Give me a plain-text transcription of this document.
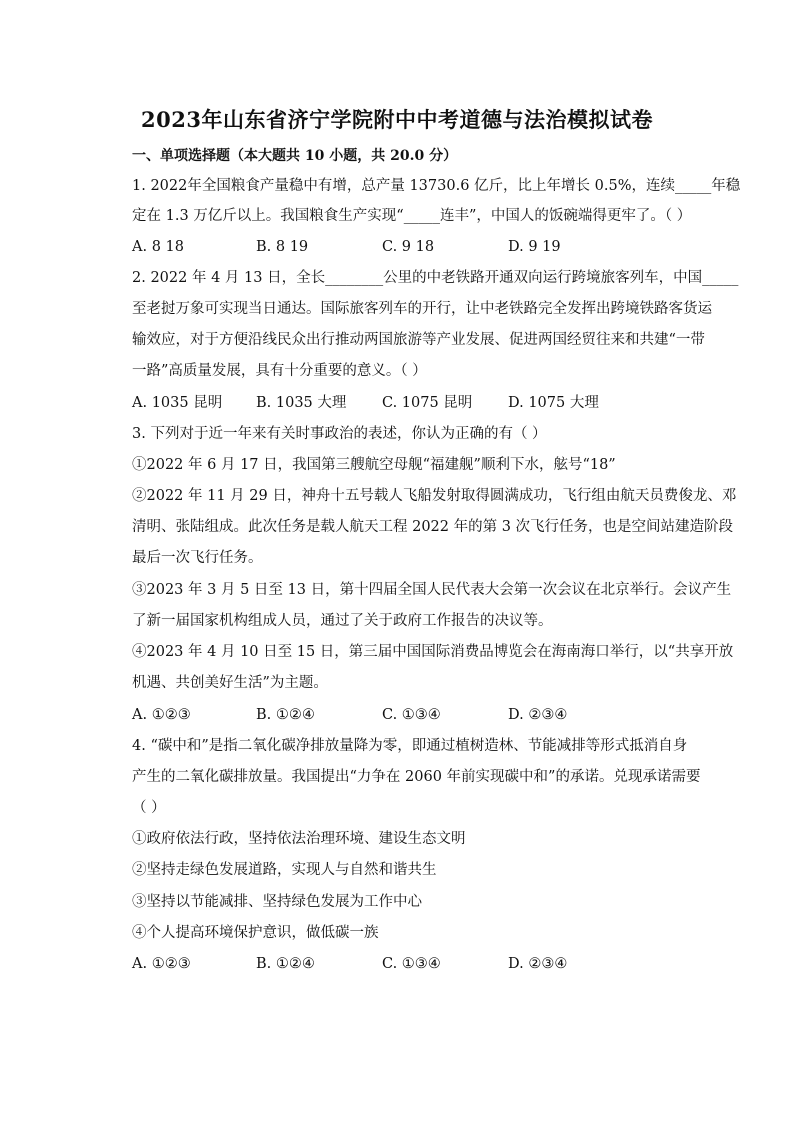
2023年山东省济宁学院附中中考道德与法治模拟试卷
一、单项选择题（本大题共 10 小题，共 20.0 分）
1. 2022年全国粮食产量稳中有增，总产量 13730.6 亿斤，比上年增长 0.5%，连续_____年稳
定在 1.3 万亿斤以上。我国粮食生产实现“_____连丰”，中国人的饭碗端得更牢了。（ ）
A. 8 18	B. 8 19	C. 9 18	D. 9 19
2. 2022 年 4 月 13 日，全长________公里的中老铁路开通双向运行跨境旅客列车，中国_____
至老挝万象可实现当日通达。国际旅客列车的开行，让中老铁路完全发挥出跨境铁路客货运
输效应，对于方便沿线民众出行推动两国旅游等产业发展、促进两国经贸往来和共建“一带
一路”高质量发展，具有十分重要的意义。（ ）
A. 1035 昆明 B. 1035 大理 C. 1075 昆明 D. 1075 大理
3. 下列对于近一年来有关时事政治的表述，你认为正确的有（ ）
①2022 年 6 月 17 日，我国第三艘航空母舰“福建舰”顺利下水，舷号“18”
②2022 年 11 月 29 日，神舟十五号载人飞船发射取得圆满成功，飞行组由航天员费俊龙、邓
清明、张陆组成。此次任务是载人航天工程 2022 年的第 3 次飞行任务，也是空间站建造阶段
最后一次飞行任务。
③2023 年 3 月 5 日至 13 日，第十四届全国人民代表大会第一次会议在北京举行。会议产生
了新一届国家机构组成人员，通过了关于政府工作报告的决议等。
④2023 年 4 月 10 日至 15 日，第三届中国国际消费品博览会在海南海口举行，以“共享开放
机遇、共创美好生活”为主题。
A. ①②③	B. ①②④	C. ①③④	D. ②③④
4. “碳中和”是指二氧化碳净排放量降为零，即通过植树造林、节能减排等形式抵消自身
产生的二氧化碳排放量。我国提出“力争在 2060 年前实现碳中和”的承诺。兑现承诺需要
（ ）
①政府依法行政，坚持依法治理环境、建设生态文明
②坚持走绿色发展道路，实现人与自然和谐共生
③坚持以节能减排、坚持绿色发展为工作中心
④个人提高环境保护意识，做低碳一族
A. ①②③	B. ①②④	C. ①③④	D. ②③④
